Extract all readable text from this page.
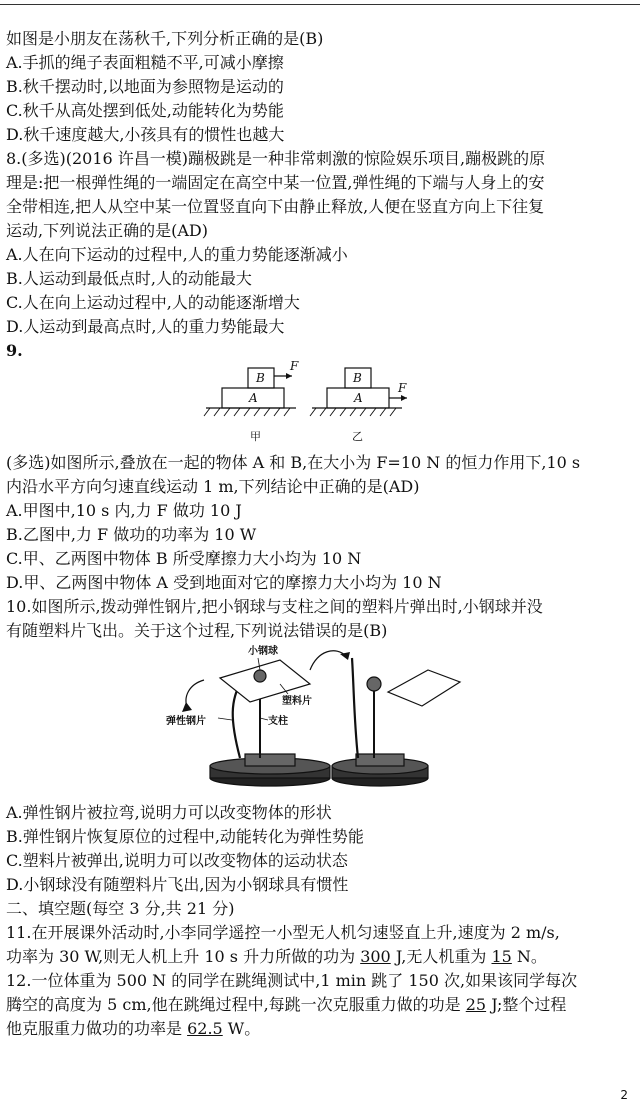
如图是小朋友在荡秋千,下列分析正确的是(B)
A.手抓的绳子表面粗糙不平,可减小摩擦
B.秋千摆动时,以地面为参照物是运动的
C.秋千从高处摆到低处,动能转化为势能
D.秋千速度越大,小孩具有的惯性也越大
8.(多选)(2016 许昌一模)蹦极跳是一种非常刺激的惊险娱乐项目,蹦极跳的原
理是:把一根弹性绳的一端固定在高空中某一位置,弹性绳的下端与人身上的安
全带相连,把人从空中某一位置竖直向下由静止释放,人便在竖直方向上下往复
运动,下列说法正确的是(AD)
A.人在向下运动的过程中,人的重力势能逐渐减小
B.人运动到最低点时,人的动能最大
C.人在向上运动过程中,人的动能逐渐增大
D.人运动到最高点时,人的重力势能最大
9.
B
A
F
B
A
F
甲	乙
(多选)如图所示,叠放在一起的物体 A 和 B,在大小为 F=10 N 的恒力作用下,10 s
内沿水平方向匀速直线运动 1 m,下列结论中正确的是(AD)
A.甲图中,10 s 内,力 F 做功 10 J
B.乙图中,力 F 做功的功率为 10 W
C.甲、乙两图中物体 B 所受摩擦力大小均为 10 N
D.甲、乙两图中物体 A 受到地面对它的摩擦力大小均为 10 N
10.如图所示,拨动弹性钢片,把小钢球与支柱之间的塑料片弹出时,小钢球并没
有随塑料片飞出。关于这个过程,下列说法错误的是(B)
小钢球
塑料片
弹性钢片	支柱
A.弹性钢片被拉弯,说明力可以改变物体的形状
B.弹性钢片恢复原位的过程中,动能转化为弹性势能
C.塑料片被弹出,说明力可以改变物体的运动状态
D.小钢球没有随塑料片飞出,因为小钢球具有惯性
二、填空题(每空 3 分,共 21 分)
11.在开展课外活动时,小李同学遥控一小型无人机匀速竖直上升,速度为 2 m/s,
功率为 30 W,则无人机上升 10 s 升力所做的功为 300 J,无人机重为 15 N。
12.一位体重为 500 N 的同学在跳绳测试中,1 min 跳了 150 次,如果该同学每次
腾空的高度为 5 cm,他在跳绳过程中,每跳一次克服重力做的功是 25 J;整个过程
他克服重力做功的功率是 62.5 W。
2
